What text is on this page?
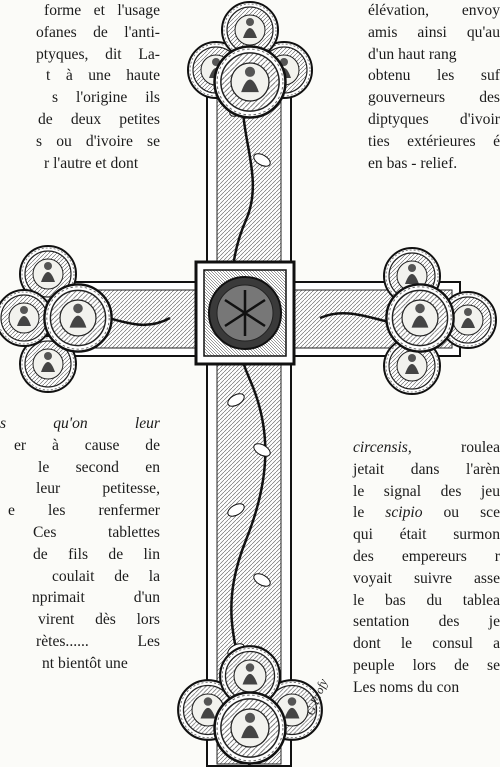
forme et l'usage
ofanes de l'anti-
ptyques, dit La-
t à une haute
s l'origine ils
de deux petites
s ou d'ivoire se
r l'autre et dont
élévation, envoy
amis ainsi qu'au
d'un haut rang
obtenu les suf
gouverneurs des
diptyques d'ivoir
ties extérieures é
en bas - relief.
s qu'on leur
er à cause de
le second en
leur petitesse,
e les renfermer
Ces tablettes
de fils de lin
coulait de la
nprimait d'un
virent dès lors
rètes...... Les
nt bientôt une
circensis, roulea
jetait dans l'arèn
le signal des jeu
le scipio ou sce
qui était surmon
des empereurs r
voyait suivre asse
le bas du tablea
sentation des je
dont le consul a
peuple lors de se
Les noms du con
G.Profy
